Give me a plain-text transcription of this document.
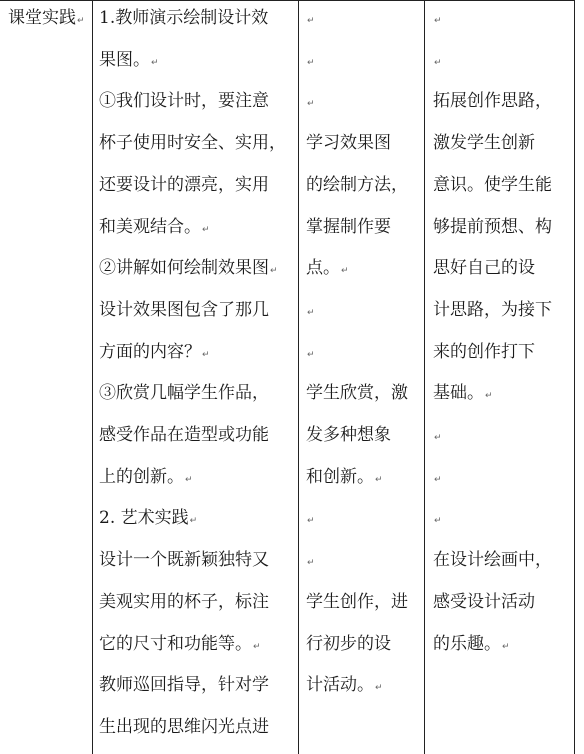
课堂实践↵ 1.教师演示绘制设计效
果图。↵
①我们设计时，要注意
杯子使用时安全、实用，
还要设计的漂亮，实用
和美观结合。↵
②讲解如何绘制效果图↵
设计效果图包含了那几
方面的内容？↵
③欣赏几幅学生作品，
感受作品在造型或功能
上的创新。↵
2. 艺术实践↵
设计一个既新颖独特又
美观实用的杯子，标注
它的尺寸和功能等。↵
教师巡回指导，针对学
生出现的思维闪光点进
↵
↵
↵
学习效果图
的绘制方法，
掌握制作要
点。↵
↵
↵
学生欣赏，激
发多种想象
和创新。↵
↵
↵
学生创作，进
行初步的设
计活动。↵
↵
↵
拓展创作思路，
激发学生创新
意识。使学生能
够提前预想、构
思好自己的设
计思路，为接下
来的创作打下
基础。↵
↵
↵
↵
在设计绘画中，
感受设计活动
的乐趣。↵
